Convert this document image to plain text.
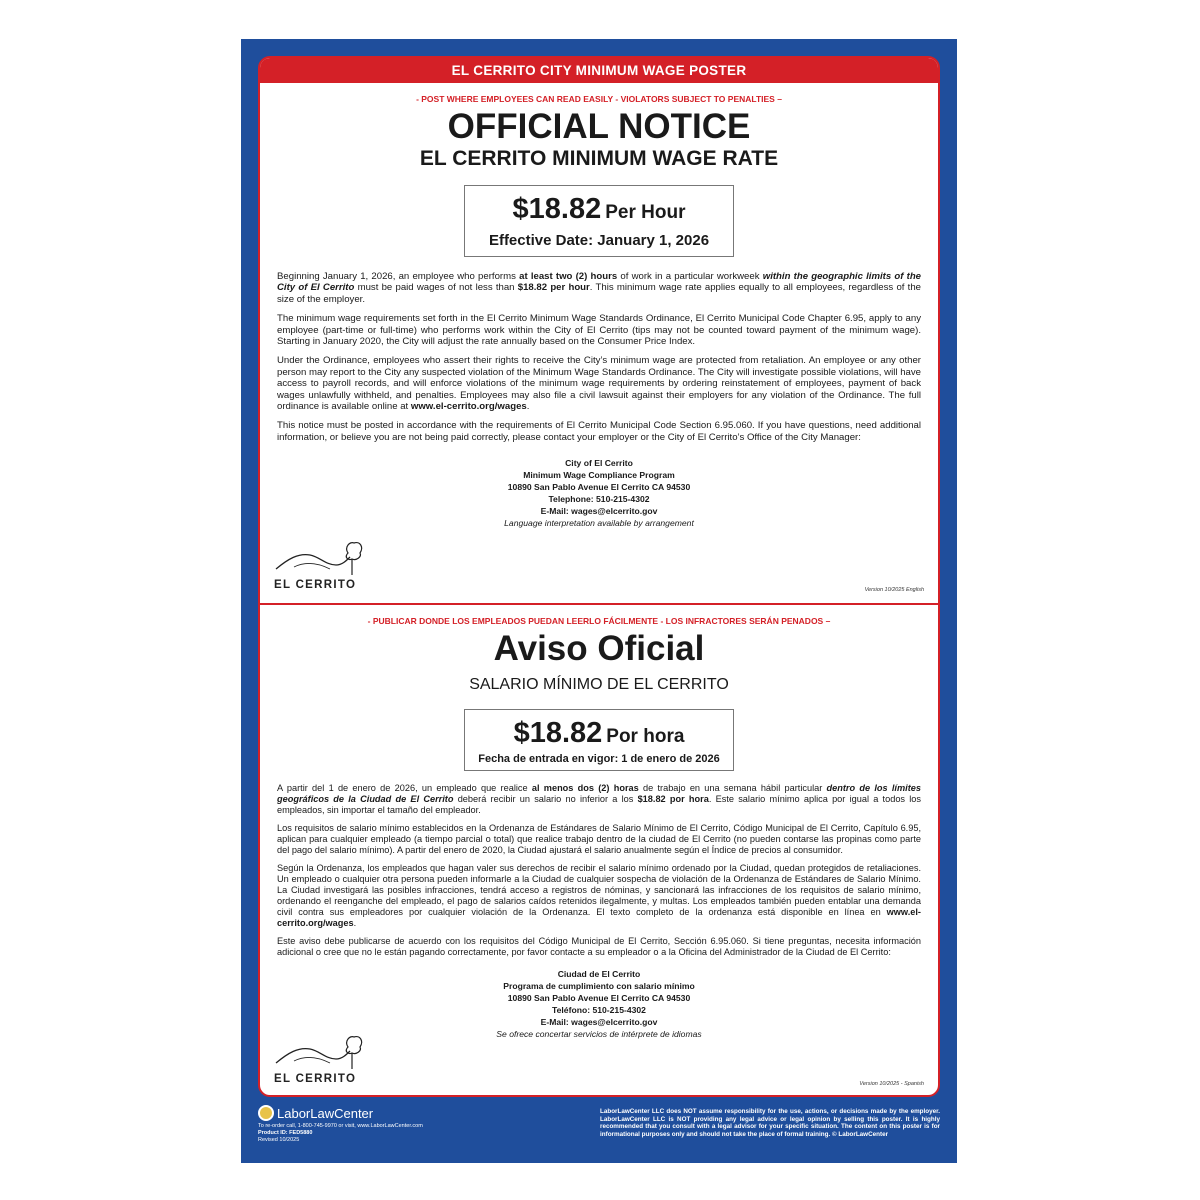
EL CERRITO CITY MINIMUM WAGE POSTER
- POST WHERE EMPLOYEES CAN READ EASILY - VIOLATORS SUBJECT TO PENALTIES –
OFFICIAL NOTICE
EL CERRITO MINIMUM WAGE RATE
$18.82 Per Hour
Effective Date: January 1, 2026

Beginning January 1, 2026, an employee who performs at least two (2) hours of work in a particular workweek within the geographic limits of the City of El Cerrito must be paid wages of not less than $18.82 per hour. This minimum wage rate applies equally to all employees, regardless of the size of the employer.

The minimum wage requirements set forth in the El Cerrito Minimum Wage Standards Ordinance, El Cerrito Municipal Code Chapter 6.95, apply to any employee (part-time or full-time) who performs work within the City of El Cerrito (tips may not be counted toward payment of the minimum wage). Starting in January 2020, the City will adjust the rate annually based on the Consumer Price Index.

Under the Ordinance, employees who assert their rights to receive the City’s minimum wage are protected from retaliation. An employee or any other person may report to the City any suspected violation of the Minimum Wage Standards Ordinance. The City will investigate possible violations, will have access to payroll records, and will enforce violations of the minimum wage requirements by ordering reinstatement of employees, payment of back wages unlawfully withheld, and penalties. Employees may also file a civil lawsuit against their employers for any violation of the Ordinance. The full ordinance is available online at www.el-cerrito.org/wages.

This notice must be posted in accordance with the requirements of El Cerrito Municipal Code Section 6.95.060. If you have questions, need additional information, or believe you are not being paid correctly, please contact your employer or the City of El Cerrito’s Office of the City Manager:

City of El Cerrito
Minimum Wage Compliance Program
10890 San Pablo Avenue El Cerrito CA 94530
Telephone: 510-215-4302
E-Mail: wages@elcerrito.gov
Language interpretation available by arrangement
EL CERRITO	Version 10/2025 English
- PUBLICAR DONDE LOS EMPLEADOS PUEDAN LEERLO FÁCILMENTE - LOS INFRACTORES SERÁN PENADOS –
Aviso Oficial
SALARIO MÍNIMO DE EL CERRITO
$18.82 Por hora
Fecha de entrada en vigor: 1 de enero de 2026

A partir del 1 de enero de 2026, un empleado que realice al menos dos (2) horas de trabajo en una semana hábil particular dentro de los límites geográficos de la Ciudad de El Cerrito deberá recibir un salario no inferior a los $18.82 por hora. Este salario mínimo aplica por igual a todos los empleados, sin importar el tamaño del empleador.

Los requisitos de salario mínimo establecidos en la Ordenanza de Estándares de Salario Mínimo de El Cerrito, Código Municipal de El Cerrito, Capítulo 6.95, aplican para cualquier empleado (a tiempo parcial o total) que realice trabajo dentro de la ciudad de El Cerrito (no pueden contarse las propinas como parte del pago del salario mínimo). A partir del enero de 2020, la Ciudad ajustará el salario anualmente según el Índice de precios al consumidor.

Según la Ordenanza, los empleados que hagan valer sus derechos de recibir el salario mínimo ordenado por la Ciudad, quedan protegidos de retaliaciones. Un empleado o cualquier otra persona pueden informarle a la Ciudad de cualquier sospecha de violación de la Ordenanza de Estándares de Salario Mínimo. La Ciudad investigará las posibles infracciones, tendrá acceso a registros de nóminas, y sancionará las infracciones de los requisitos de salario mínimo, ordenando el reenganche del empleado, el pago de salarios caídos retenidos ilegalmente, y multas. Los empleados también pueden entablar una demanda civil contra sus empleadores por cualquier violación de la Ordenanza. El texto completo de la ordenanza está disponible en línea en www.el-cerrito.org/wages.

Este aviso debe publicarse de acuerdo con los requisitos del Código Municipal de El Cerrito, Sección 6.95.060. Si tiene preguntas, necesita información adicional o cree que no le están pagando correctamente, por favor contacte a su empleador o a la Oficina del Administrador de la Ciudad de El Cerrito:

Ciudad de El Cerrito
Programa de cumplimiento con salario mínimo
10890 San Pablo Avenue El Cerrito CA 94530
Teléfono: 510-215-4302
E-Mail: wages@elcerrito.gov
Se ofrece concertar servicios de intérprete de idiomas
EL CERRITO	Version 10/2025 - Spanish
LaborLawCenter
To re-order call, 1-800-745-9970 or visit, www.LaborLawCenter.com
Product ID: FED5880
Revised 10/2025
LaborLawCenter LLC does NOT assume responsibility for the use, actions, or decisions made by the employer. LaborLawCenter LLC is NOT providing any legal advice or legal opinion by selling this poster. It is highly recommended that you consult with a legal advisor for your specific situation. The content on this poster is for informational purposes only and should not take the place of formal training. © LaborLawCenter
